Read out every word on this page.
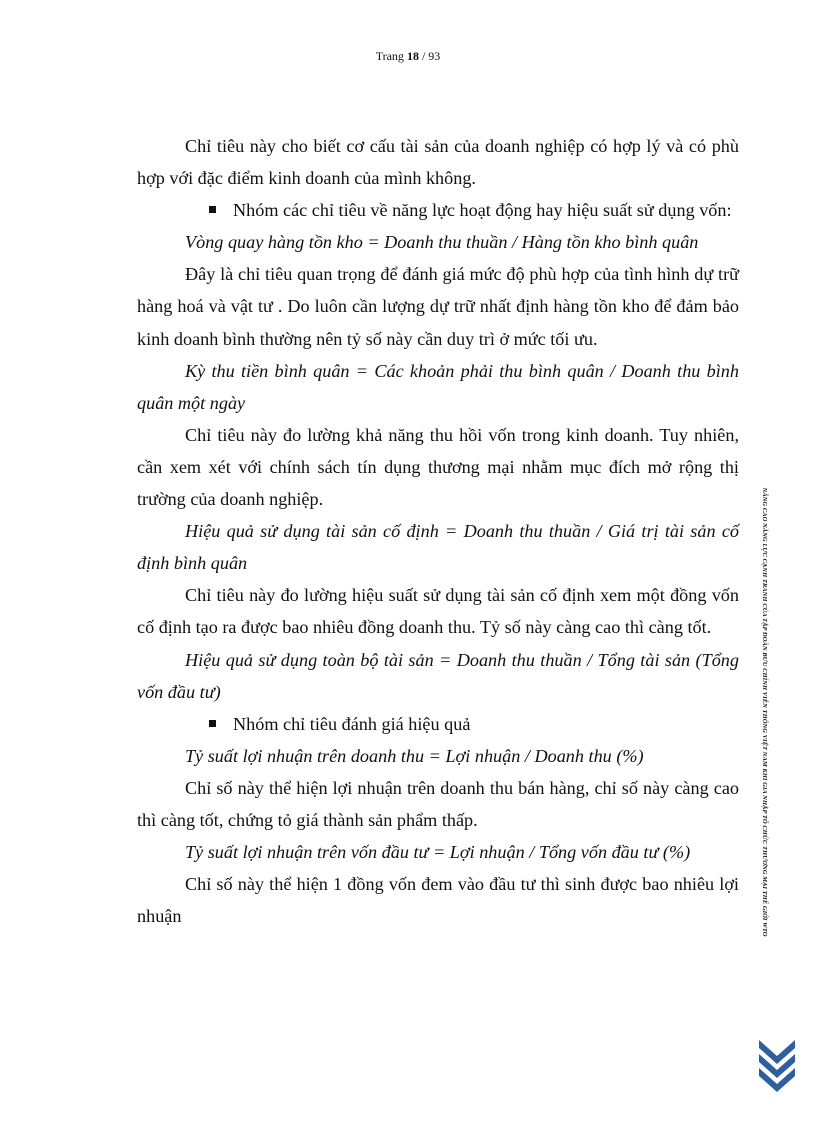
Trang 18 / 93

Chỉ tiêu này cho biết cơ cấu tài sản của doanh nghiệp có hợp lý và có phù hợp với đặc điểm kinh doanh của mình không.

Nhóm các chỉ tiêu về năng lực hoạt động hay hiệu suất sử dụng vốn:

Vòng quay hàng tồn kho = Doanh thu thuần / Hàng tồn kho bình quân

Đây là chỉ tiêu quan trọng để đánh giá mức độ phù hợp của tình hình dự trữ hàng hoá và vật tư . Do luôn cần lượng dự trữ nhất định hàng tồn kho để đảm bảo kinh doanh bình thường nên tỷ số này cần duy trì ở mức tối ưu.

Kỳ thu tiền bình quân = Các khoản phải thu bình quân / Doanh thu bình quân một ngày

Chỉ tiêu này đo lường khả năng thu hồi vốn trong kinh doanh. Tuy nhiên, cần xem xét với chính sách tín dụng thương mại nhằm mục đích mở rộng thị trường của doanh nghiệp.

Hiệu quả sử dụng tài sản cố định = Doanh thu thuần / Giá trị tài sản cố định bình quân

Chỉ tiêu này đo lường hiệu suất sử dụng tài sản cố định xem một đồng vốn cố định tạo ra được bao nhiêu đồng doanh thu. Tỷ số này càng cao thì càng tốt.

Hiệu quả sử dụng toàn bộ tài sản = Doanh thu thuần / Tổng tài sản (Tổng vốn đầu tư)

Nhóm chỉ tiêu đánh giá hiệu quả

Tỷ suất lợi nhuận trên doanh thu = Lợi nhuận / Doanh thu (%)

Chỉ số này thể hiện lợi nhuận trên doanh thu bán hàng, chỉ số này càng cao thì càng tốt, chứng tỏ giá thành sản phẩm thấp.

Tỷ suất lợi nhuận trên vốn đầu tư = Lợi nhuận / Tổng vốn đầu tư (%)

Chỉ số này thể hiện 1 đồng vốn đem vào đầu tư thì sinh được bao nhiêu lợi nhuận	NÂNG CAO NĂNG LỰC CẠNH TRANH CỦA TẬP ĐOÀN BƯU CHÍNH VIỄN THÔNG VIỆT NAM KHI GIA NHẬP TỔ CHỨC THƯƠNG MẠI THẾ GIỚI WTO
